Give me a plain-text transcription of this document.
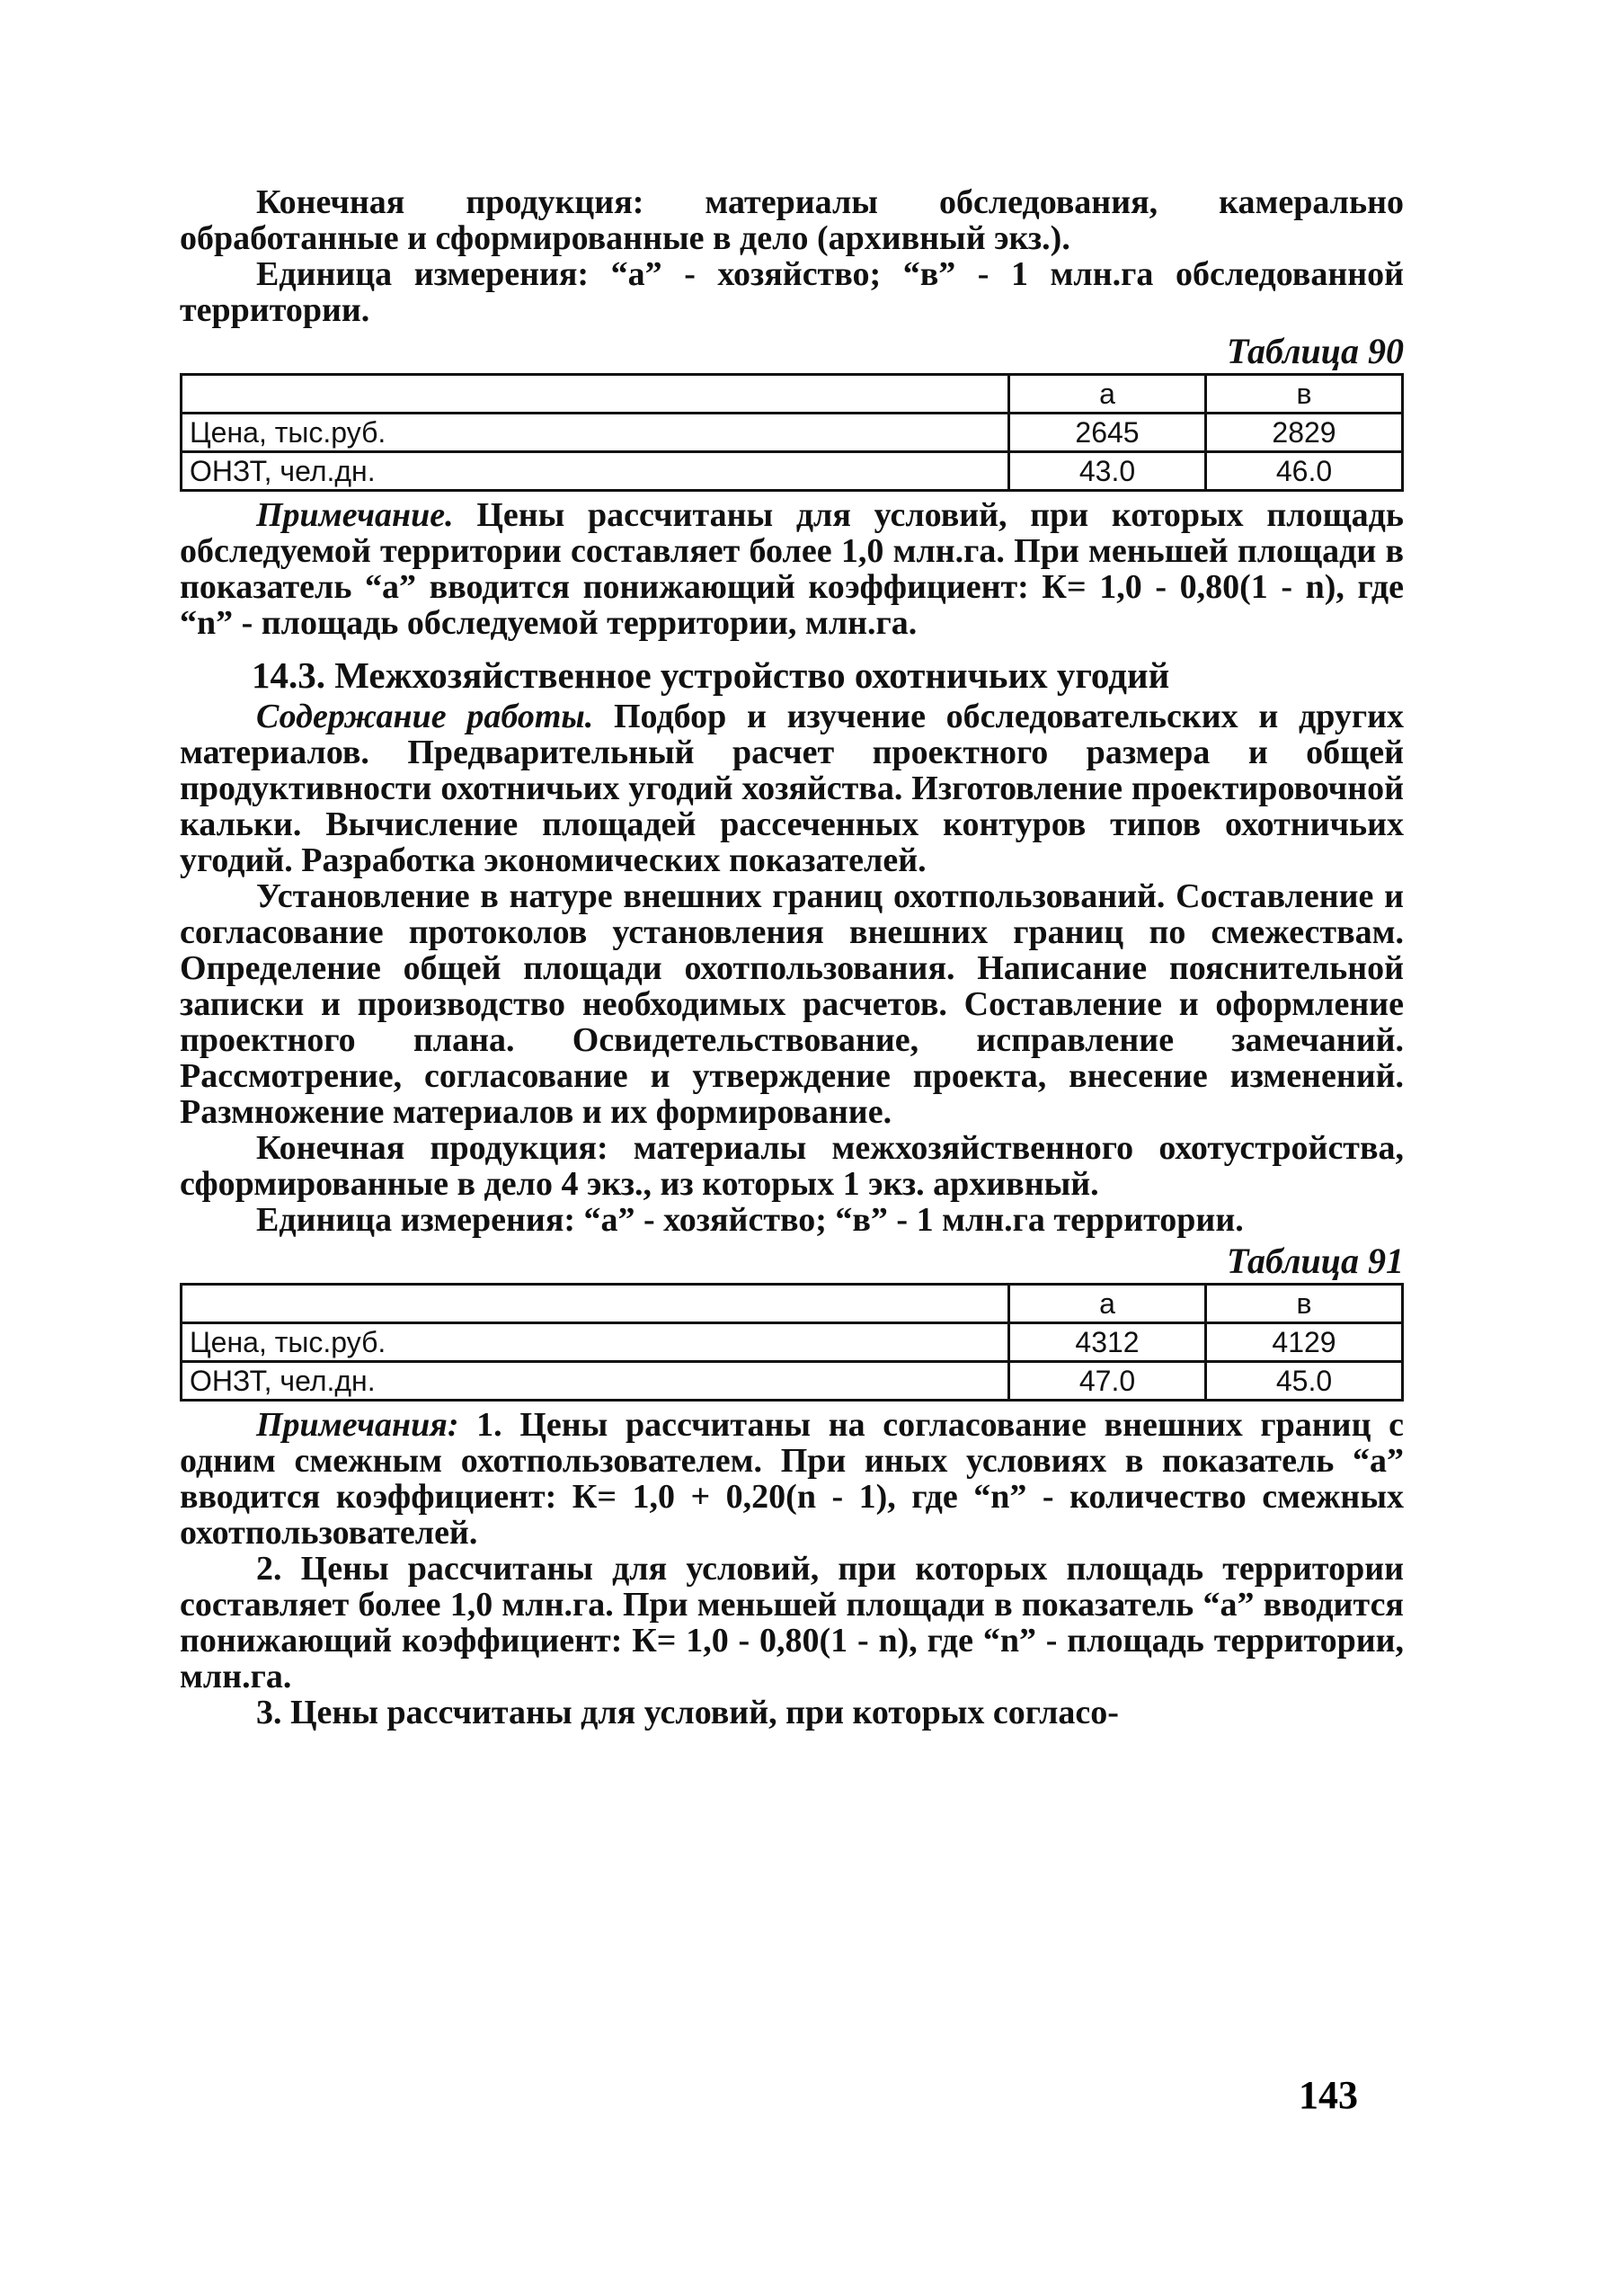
Конечная продукция: материалы обследования, камерально обработанные и сформированные в дело (архивный экз.).

Единица измерения: “а” - хозяйство; “в” - 1 млн.га обследованной территории.

Таблица 90
	а	в
Цена, тыс.руб.	2645	2829
ОНЗТ, чел.дн.	43.0	46.0

Примечание. Цены рассчитаны для условий, при которых площадь обследуемой территории составляет более 1,0 млн.га. При меньшей площади в показатель “а” вводится понижающий коэффициент: К= 1,0 - 0,80(1 - n), где “n” - площадь обследуемой территории, млн.га.

14.3. Межхозяйственное устройство охотничьих угодий

Содержание работы. Подбор и изучение обследовательских и других материалов. Предварительный расчет проектного размера и общей продуктивности охотничьих угодий хозяйства. Изготовление проектировочной кальки. Вычисление площадей рассеченных контуров типов охотничьих угодий. Разработка экономических показателей.

Установление в натуре внешних границ охотпользований. Составление и согласование протоколов установления внешних границ по смежествам. Определение общей площади охотпользования. Написание пояснительной записки и производство необходимых расчетов. Составление и оформление проектного плана. Освидетельствование, исправление замечаний. Рассмотрение, согласование и утверждение проекта, внесение изменений. Размножение материалов и их формирование.

Конечная продукция: материалы межхозяйственного охотустройства, сформированные в дело 4 экз., из которых 1 экз. архивный.

Единица измерения: “а” - хозяйство; “в” - 1 млн.га территории.

Таблица 91
	а	в
Цена, тыс.руб.	4312	4129
ОНЗТ, чел.дн.	47.0	45.0

Примечания: 1. Цены рассчитаны на согласование внешних границ с одним смежным охотпользователем. При иных условиях в показатель “а” вводится коэффициент: К= 1,0 + 0,20(n - 1), где “n” - количество смежных охотпользователей.

2. Цены рассчитаны для условий, при которых площадь территории составляет более 1,0 млн.га. При меньшей площади в показатель “а” вводится понижающий коэффициент: К= 1,0 - 0,80(1 - n), где “n” - площадь территории, млн.га.

3. Цены рассчитаны для условий, при которых согласо-

143
